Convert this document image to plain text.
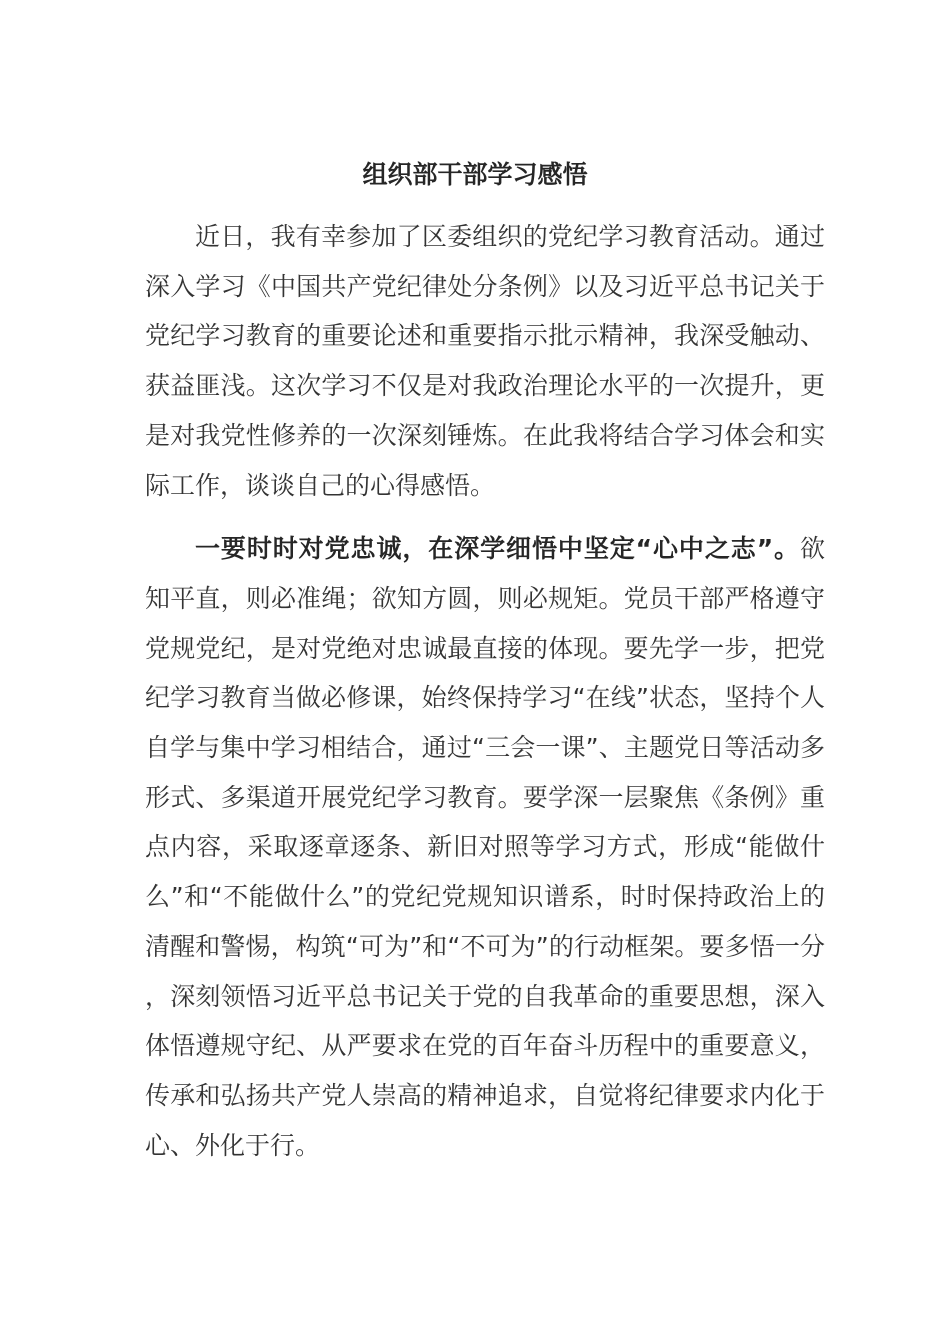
组织部干部学习感悟

近日，我有幸参加了区委组织的党纪学习教育活动。通过深入学习《中国共产党纪律处分条例》以及习近平总书记关于党纪学习教育的重要论述和重要指示批示精神，我深受触动、获益匪浅。这次学习不仅是对我政治理论水平的一次提升，更是对我党性修养的一次深刻锤炼。在此我将结合学习体会和实际工作，谈谈自己的心得感悟。

一要时时对党忠诚，在深学细悟中坚定“心中之志”。欲知平直，则必准绳；欲知方圆，则必规矩。党员干部严格遵守党规党纪，是对党绝对忠诚最直接的体现。要先学一步，把党纪学习教育当做必修课，始终保持学习“在线”状态，坚持个人自学与集中学习相结合，通过“三会一课”、主题党日等活动多形式、多渠道开展党纪学习教育。要学深一层聚焦《条例》重点内容，采取逐章逐条、新旧对照等学习方式，形成“能做什么”和“不能做什么”的党纪党规知识谱系，时时保持政治上的清醒和警惕，构筑“可为”和“不可为”的行动框架。要多悟一分，深刻领悟习近平总书记关于党的自我革命的重要思想，深入体悟遵规守纪、从严要求在党的百年奋斗历程中的重要意义，传承和弘扬共产党人崇高的精神追求，自觉将纪律要求内化于心、外化于行。
